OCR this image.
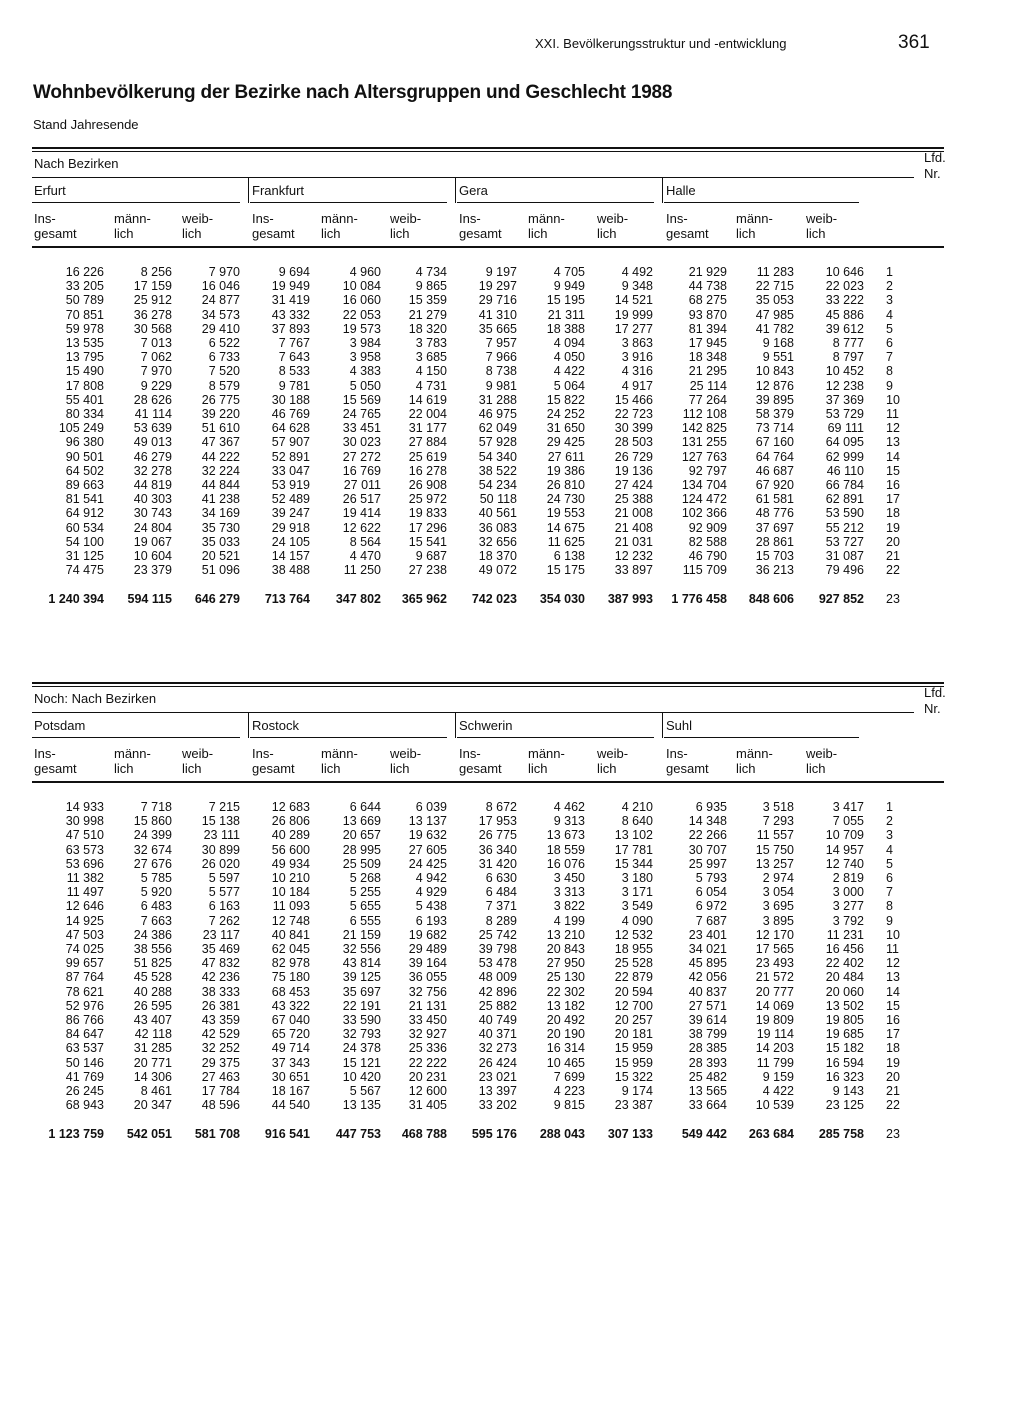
XXI. Bevölkerungsstruktur und -entwicklung	361
Wohnbevölkerung der Bezirke nach Altersgruppen und Geschlecht 1988
Stand Jahresende
Nach Bezirken	Lfd.
Nr.
Erfurt
Ins-
gesamt
männ-
lich
weib-
lich
Frankfurt
Ins-
gesamt
männ-
lich
weib-
lich
Gera
Ins-
gesamt
männ-
lich
weib-
lich
Halle
Ins-
gesamt
männ-
lich
weib-
lich
16 226	8 256	7 970	9 694	4 960	4 734	9 197	4 705	4 492	21 929	11 283	10 646	1
33 205	17 159	16 046	19 949	10 084	9 865	19 297	9 949	9 348	44 738	22 715	22 023	2
50 789	25 912	24 877	31 419	16 060	15 359	29 716	15 195	14 521	68 275	35 053	33 222	3
70 851	36 278	34 573	43 332	22 053	21 279	41 310	21 311	19 999	93 870	47 985	45 886	4
59 978	30 568	29 410	37 893	19 573	18 320	35 665	18 388	17 277	81 394	41 782	39 612	5
13 535	7 013	6 522	7 767	3 984	3 783	7 957	4 094	3 863	17 945	9 168	8 777	6
13 795	7 062	6 733	7 643	3 958	3 685	7 966	4 050	3 916	18 348	9 551	8 797	7
15 490	7 970	7 520	8 533	4 383	4 150	8 738	4 422	4 316	21 295	10 843	10 452	8
17 808	9 229	8 579	9 781	5 050	4 731	9 981	5 064	4 917	25 114	12 876	12 238	9
55 401	28 626	26 775	30 188	15 569	14 619	31 288	15 822	15 466	77 264	39 895	37 369	10
80 334	41 114	39 220	46 769	24 765	22 004	46 975	24 252	22 723	112 108	58 379	53 729	11
105 249	53 639	51 610	64 628	33 451	31 177	62 049	31 650	30 399	142 825	73 714	69 111	12
96 380	49 013	47 367	57 907	30 023	27 884	57 928	29 425	28 503	131 255	67 160	64 095	13
90 501	46 279	44 222	52 891	27 272	25 619	54 340	27 611	26 729	127 763	64 764	62 999	14
64 502	32 278	32 224	33 047	16 769	16 278	38 522	19 386	19 136	92 797	46 687	46 110	15
89 663	44 819	44 844	53 919	27 011	26 908	54 234	26 810	27 424	134 704	67 920	66 784	16
81 541	40 303	41 238	52 489	26 517	25 972	50 118	24 730	25 388	124 472	61 581	62 891	17
64 912	30 743	34 169	39 247	19 414	19 833	40 561	19 553	21 008	102 366	48 776	53 590	18
60 534	24 804	35 730	29 918	12 622	17 296	36 083	14 675	21 408	92 909	37 697	55 212	19
54 100	19 067	35 033	24 105	8 564	15 541	32 656	11 625	21 031	82 588	28 861	53 727	20
31 125	10 604	20 521	14 157	4 470	9 687	18 370	6 138	12 232	46 790	15 703	31 087	21
74 475	23 379	51 096	38 488	11 250	27 238	49 072	15 175	33 897	115 709	36 213	79 496	22
1 240 394	594 115	646 279	713 764	347 802	365 962	742 023	354 030	387 993	1 776 458	848 606	927 852	23
Noch: Nach Bezirken	Lfd.
Nr.
Potsdam
Ins-
gesamt
männ-
lich
weib-
lich
Rostock
Ins-
gesamt
männ-
lich
weib-
lich
Schwerin
Ins-
gesamt
männ-
lich
weib-
lich
Suhl
Ins-
gesamt
männ-
lich
weib-
lich
14 933	7 718	7 215	12 683	6 644	6 039	8 672	4 462	4 210	6 935	3 518	3 417	1
30 998	15 860	15 138	26 806	13 669	13 137	17 953	9 313	8 640	14 348	7 293	7 055	2
47 510	24 399	23 111	40 289	20 657	19 632	26 775	13 673	13 102	22 266	11 557	10 709	3
63 573	32 674	30 899	56 600	28 995	27 605	36 340	18 559	17 781	30 707	15 750	14 957	4
53 696	27 676	26 020	49 934	25 509	24 425	31 420	16 076	15 344	25 997	13 257	12 740	5
11 382	5 785	5 597	10 210	5 268	4 942	6 630	3 450	3 180	5 793	2 974	2 819	6
11 497	5 920	5 577	10 184	5 255	4 929	6 484	3 313	3 171	6 054	3 054	3 000	7
12 646	6 483	6 163	11 093	5 655	5 438	7 371	3 822	3 549	6 972	3 695	3 277	8
14 925	7 663	7 262	12 748	6 555	6 193	8 289	4 199	4 090	7 687	3 895	3 792	9
47 503	24 386	23 117	40 841	21 159	19 682	25 742	13 210	12 532	23 401	12 170	11 231	10
74 025	38 556	35 469	62 045	32 556	29 489	39 798	20 843	18 955	34 021	17 565	16 456	11
99 657	51 825	47 832	82 978	43 814	39 164	53 478	27 950	25 528	45 895	23 493	22 402	12
87 764	45 528	42 236	75 180	39 125	36 055	48 009	25 130	22 879	42 056	21 572	20 484	13
78 621	40 288	38 333	68 453	35 697	32 756	42 896	22 302	20 594	40 837	20 777	20 060	14
52 976	26 595	26 381	43 322	22 191	21 131	25 882	13 182	12 700	27 571	14 069	13 502	15
86 766	43 407	43 359	67 040	33 590	33 450	40 749	20 492	20 257	39 614	19 809	19 805	16
84 647	42 118	42 529	65 720	32 793	32 927	40 371	20 190	20 181	38 799	19 114	19 685	17
63 537	31 285	32 252	49 714	24 378	25 336	32 273	16 314	15 959	28 385	14 203	15 182	18
50 146	20 771	29 375	37 343	15 121	22 222	26 424	10 465	15 959	28 393	11 799	16 594	19
41 769	14 306	27 463	30 651	10 420	20 231	23 021	7 699	15 322	25 482	9 159	16 323	20
26 245	8 461	17 784	18 167	5 567	12 600	13 397	4 223	9 174	13 565	4 422	9 143	21
68 943	20 347	48 596	44 540	13 135	31 405	33 202	9 815	23 387	33 664	10 539	23 125	22
1 123 759	542 051	581 708	916 541	447 753	468 788	595 176	288 043	307 133	549 442	263 684	285 758	23
